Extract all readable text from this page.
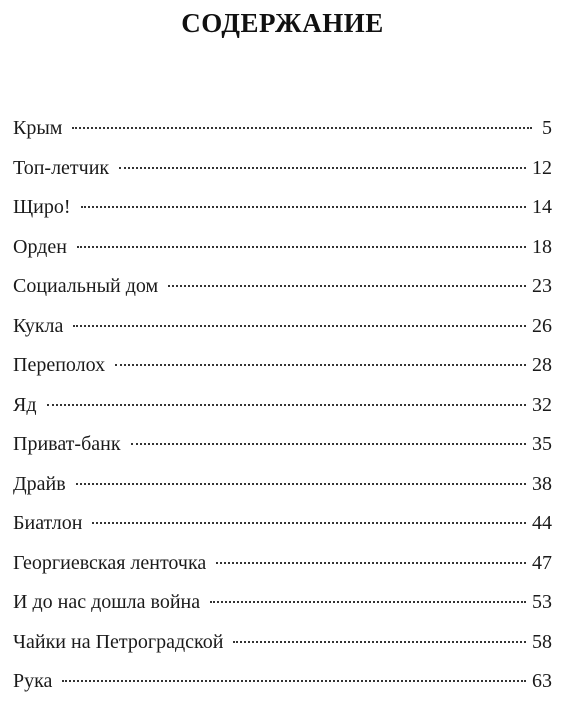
СОДЕРЖАНИЕ
Крым	5
Топ-летчик	12
Щиро!	14
Орден	18
Социальный дом	23
Кукла	26
Переполох	28
Яд	32
Приват-банк	35
Драйв	38
Биатлон	44
Георгиевская ленточка	47
И до нас дошла война	53
Чайки на Петроградской	58
Рука	63
